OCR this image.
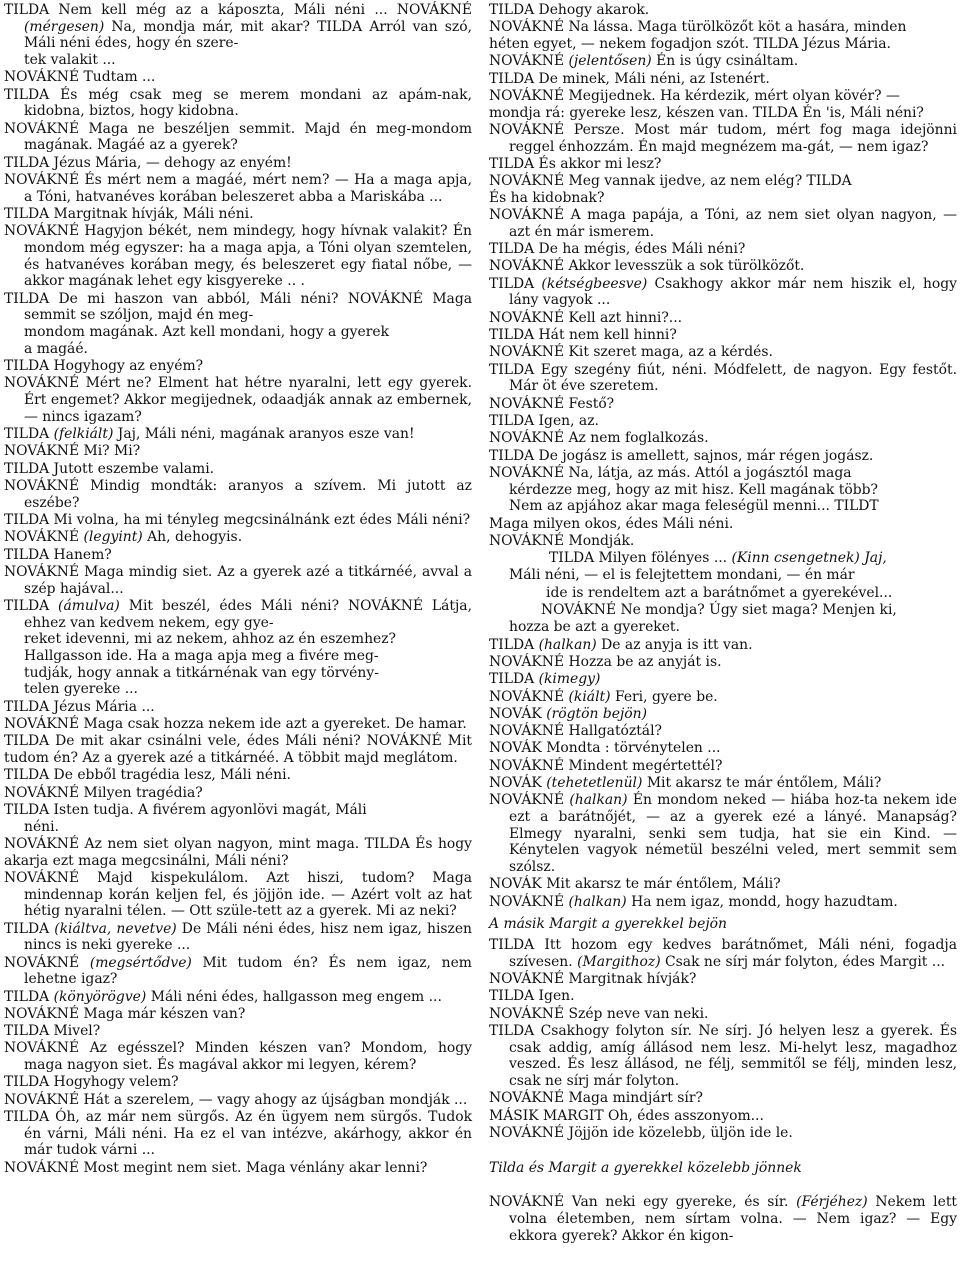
TILDA Nem kell még az a káposzta, Máli néni ... NOVÁKNÉ (mérgesen) Na, mondja már, mit akar? TILDA Arról van szó, Máli néni édes, hogy én szere-
tek valakit ...

NOVÁKNÉ Tudtam ...

TILDA És még csak meg se merem mondani az apám-nak, kidobna, biztos, hogy kidobna.

NOVÁKNÉ Maga ne beszéljen semmit. Majd én meg-mondom magának. Magáé az a gyerek?

TILDA Jézus Mária, — dehogy az enyém!

NOVÁKNÉ És mért nem a magáé, mért nem? — Ha a maga apja, a Tóni, hatvanéves korában beleszeret abba a Mariskába ...

TILDA Margitnak hívják, Máli néni.

NOVÁKNÉ Hagyjon békét, nem mindegy, hogy hívnak valakit? Én mondom még egyszer: ha a maga apja, a Tóni olyan szemtelen, és hatvanéves korában megy, és beleszeret egy fiatal nőbe, — akkor magának lehet egy kisgyereke .. .

TILDA De mi haszon van abból, Máli néni? NOVÁKNÉ Maga semmit se szóljon, majd én meg-
mondom magának. Azt kell mondani, hogy a gyerek
a magáé.

TILDA Hogyhogy az enyém?

NOVÁKNÉ Mért ne? Elment hat hétre nyaralni, lett egy gyerek. Ért engemet? Akkor megijednek, odaadják annak az embernek, — nincs igazam?

TILDA (felkiált) Jaj, Máli néni, magának aranyos esze van!

NOVÁKNÉ Mi? Mi?

TILDA Jutott eszembe valami.

NOVÁKNÉ Mindig mondták: aranyos a szívem. Mi jutott az eszébe?

TILDA Mi volna, ha mi tényleg megcsinálnánk ezt édes Máli néni?

NOVÁKNÉ (legyint) Ah, dehogyis.

TILDA Hanem?

NOVÁKNÉ Maga mindig siet. Az a gyerek azé a titkárnéé, avval a szép hajával...

TILDA (ámulva) Mit beszél, édes Máli néni? NOVÁKNÉ Látja, ehhez van kedvem nekem, egy gye-
reket idevenni, mi az nekem, ahhoz az én eszemhez?
Hallgasson ide. Ha a maga apja meg a fivére meg-
tudják, hogy annak a titkárnénak van egy törvény-
telen gyereke ...

TILDA Jézus Mária ...

NOVÁKNÉ Maga csak hozza nekem ide azt a gyereket. De hamar.

TILDA De mit akar csinálni vele, édes Máli néni? NOVÁKNÉ Mit tudom én? Az a gyerek azé a titkárnéé. A többit majd meglátom.

TILDA De ebből tragédia lesz, Máli néni.

NOVÁKNÉ Milyen tragédia?

TILDA Isten tudja. A fivérem agyonlövi magát, Máli
néni.

NOVÁKNÉ Az nem siet olyan nagyon, mint maga. TILDA És hogy akarja ezt maga megcsinálni, Máli néni?

NOVÁKNÉ Majd kispekulálom. Azt hiszi, tudom? Maga mindennap korán keljen fel, és jöjjön ide. — Azért volt az hat hétig nyaralni télen. — Ott szüle-tett az a gyerek. Mi az neki?

TILDA (kiáltva, nevetve) De Máli néni édes, hisz nem igaz, hiszen nincs is neki gyereke ...

NOVÁKNÉ (megsértődve) Mit tudom én? És nem igaz, nem lehetne igaz?

TILDA (könyörögve) Máli néni édes, hallgasson meg engem ...

NOVÁKNÉ Maga már készen van?

TILDA Mivel?

NOVÁKNÉ Az egésszel? Minden készen van? Mondom, hogy maga nagyon siet. És magával akkor mi legyen, kérem?

TILDA Hogyhogy velem?

NOVÁKNÉ Hát a szerelem, — vagy ahogy az újságban mondják ...

TILDA Óh, az már nem sürgős. Az én ügyem nem sürgős. Tudok én várni, Máli néni. Ha ez el van intézve, akárhogy, akkor én már tudok várni ...

NOVÁKNÉ Most megint nem siet. Maga vénlány akar lenni?

TILDA Dehogy akarok.

NOVÁKNÉ Na lássa. Maga türölközőt köt a hasára, minden
héten egyet, — nekem fogadjon szót. TILDA Jézus Mária.

NOVÁKNÉ (jelentősen) Én is úgy csináltam.

TILDA De minek, Máli néni, az Istenért.

NOVÁKNÉ Megijednek. Ha kérdezik, mért olyan kövér? —
mondja rá: gyereke lesz, készen van. TILDA Én 'is, Máli néni?

NOVÁKNÉ Persze. Most már tudom, mért fog maga idejönni reggel énhozzám. Én majd megnézem ma-gát, — nem igaz?

TILDA És akkor mi lesz?

NOVÁKNÉ Meg vannak ijedve, az nem elég? TILDA
És ha kidobnak?

NOVÁKNÉ A maga papája, a Tóni, az nem siet olyan nagyon, — azt én már ismerem.

TILDA De ha mégis, édes Máli néni?

NOVÁKNÉ Akkor levesszük a sok türölközőt.

TILDA (kétségbeesve) Csakhogy akkor már nem hiszik el, hogy lány vagyok ...

NOVÁKNÉ Kell azt hinni?...

TILDA Hát nem kell hinni?

NOVÁKNÉ Kit szeret maga, az a kérdés.

TILDA Egy szegény fiút, néni. Módfelett, de nagyon. Egy festőt. Már öt éve szeretem.

NOVÁKNÉ Festő?

TILDA Igen, az.

NOVÁKNÉ Az nem foglalkozás.

TILDA De jogász is amellett, sajnos, már régen jogász.

NOVÁKNÉ Na, látja, az más. Attól a jogásztól maga
kérdezze meg, hogy az mit hisz. Kell magának több?
Nem az apjához akar maga feleségül menni... TILDT

Maga milyen okos, édes Máli néni.

NOVÁKNÉ Mondják.

TILDA Milyen fölényes ... (Kinn csengetnek) Jaj,

Máli néni, — el is felejtettem mondani, — én már

ide is rendeltem azt a barátnőmet a gyerekével...

NOVÁKNÉ Ne mondja? Úgy siet maga? Menjen ki,

hozza be azt a gyereket.

TILDA (halkan) De az anyja is itt van.

NOVÁKNÉ Hozza be az anyját is.

TILDA (kimegy)

NOVÁKNÉ (kiált) Feri, gyere be.

NOVÁK (rögtön bejön)

NOVÁKNÉ Hallgatóztál?

NOVÁK Mondta : törvénytelen ...

NOVÁKNÉ Mindent megértettél?

NOVÁK (tehetetlenül) Mit akarsz te már éntőlem, Máli?

NOVÁKNÉ (halkan) Én mondom neked — hiába hoz-ta nekem ide ezt a barátnőjét, — az a gyerek ezé a lányé. Manapság? Elmegy nyaralni, senki sem tudja, hat sie ein Kind. — Kénytelen vagyok németül beszélni veled, mert semmit sem szólsz.

NOVÁK Mit akarsz te már éntőlem, Máli?

NOVÁKNÉ (halkan) Ha nem igaz, mondd, hogy hazudtam.

A másik Margit a gyerekkel bejön

TILDA Itt hozom egy kedves barátnőmet, Máli néni, fogadja szívesen. (Margithoz) Csak ne sírj már folyton, édes Margit ...

NOVÁKNÉ Margitnak hívják?

TILDA Igen.

NOVÁKNÉ Szép neve van neki.

TILDA Csakhogy folyton sír. Ne sírj. Jó helyen lesz a gyerek. És csak addig, amíg állásod nem lesz. Mi-helyt lesz, magadhoz veszed. És lesz állásod, ne félj, semmitől se félj, minden lesz, csak ne sírj már folyton.

NOVÁKNÉ Maga mindjárt sír?

MÁSIK MARGIT Oh, édes asszonyom...

NOVÁKNÉ Jöjjön ide közelebb, üljön ide le.

Tilda és Margit a gyerekkel közelebb jönnek

NOVÁKNÉ Van neki egy gyereke, és sír. (Férjéhez) Nekem lett volna életemben, nem sírtam volna. — Nem igaz? — Egy ekkora gyerek? Akkor én kigon-
